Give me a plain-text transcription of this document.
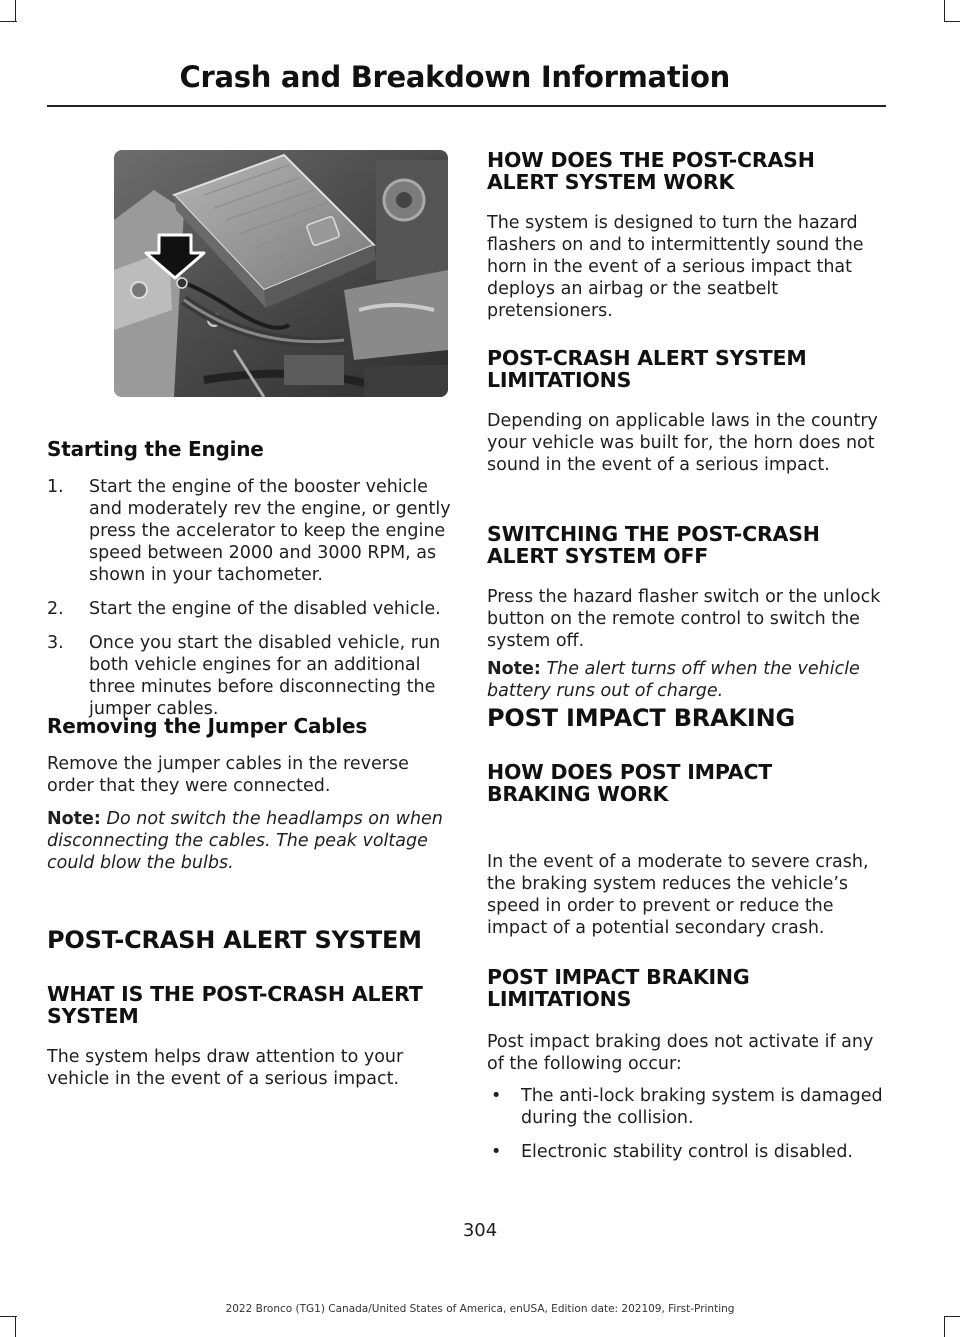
Crash and Breakdown Information
Starting the Engine
1. Start the engine of the booster vehicle and moderately rev the engine, or gently press the accelerator to keep the engine speed between 2000 and 3000 RPM, as shown in your tachometer.
2. Start the engine of the disabled vehicle.
3. Once you start the disabled vehicle, run both vehicle engines for an additional three minutes before disconnecting the jumper cables.
Removing the Jumper Cables
Remove the jumper cables in the reverse order that they were connected.
Note: Do not switch the headlamps on when disconnecting the cables. The peak voltage could blow the bulbs.
POST-CRASH ALERT SYSTEM
WHAT IS THE POST-CRASH ALERT SYSTEM
The system helps draw attention to your vehicle in the event of a serious impact.
HOW DOES THE POST-CRASH ALERT SYSTEM WORK
The system is designed to turn the hazard flashers on and to intermittently sound the horn in the event of a serious impact that deploys an airbag or the seatbelt pretensioners.
POST-CRASH ALERT SYSTEM LIMITATIONS
Depending on applicable laws in the country your vehicle was built for, the horn does not sound in the event of a serious impact.
SWITCHING THE POST-CRASH ALERT SYSTEM OFF
Press the hazard flasher switch or the unlock button on the remote control to switch the system off.
Note: The alert turns off when the vehicle battery runs out of charge.
POST IMPACT BRAKING
HOW DOES POST IMPACT BRAKING WORK
In the event of a moderate to severe crash, the braking system reduces the vehicle’s speed in order to prevent or reduce the impact of a potential secondary crash.
POST IMPACT BRAKING LIMITATIONS
Post impact braking does not activate if any of the following occur:
• The anti-lock braking system is damaged during the collision.
• Electronic stability control is disabled.
304
2022 Bronco (TG1) Canada/United States of America, enUSA, Edition date: 202109, First-Printing
